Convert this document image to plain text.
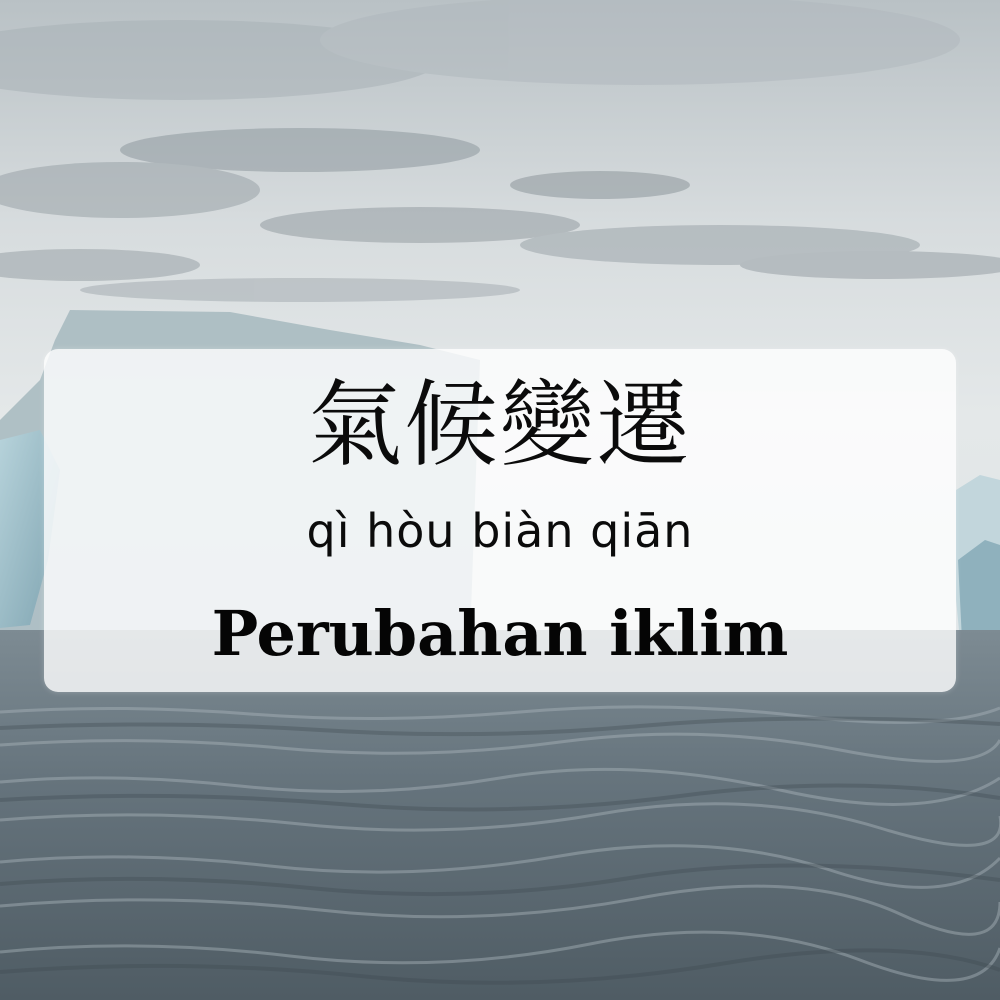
氣候變遷
qì hòu biàn qiān
Perubahan iklim
